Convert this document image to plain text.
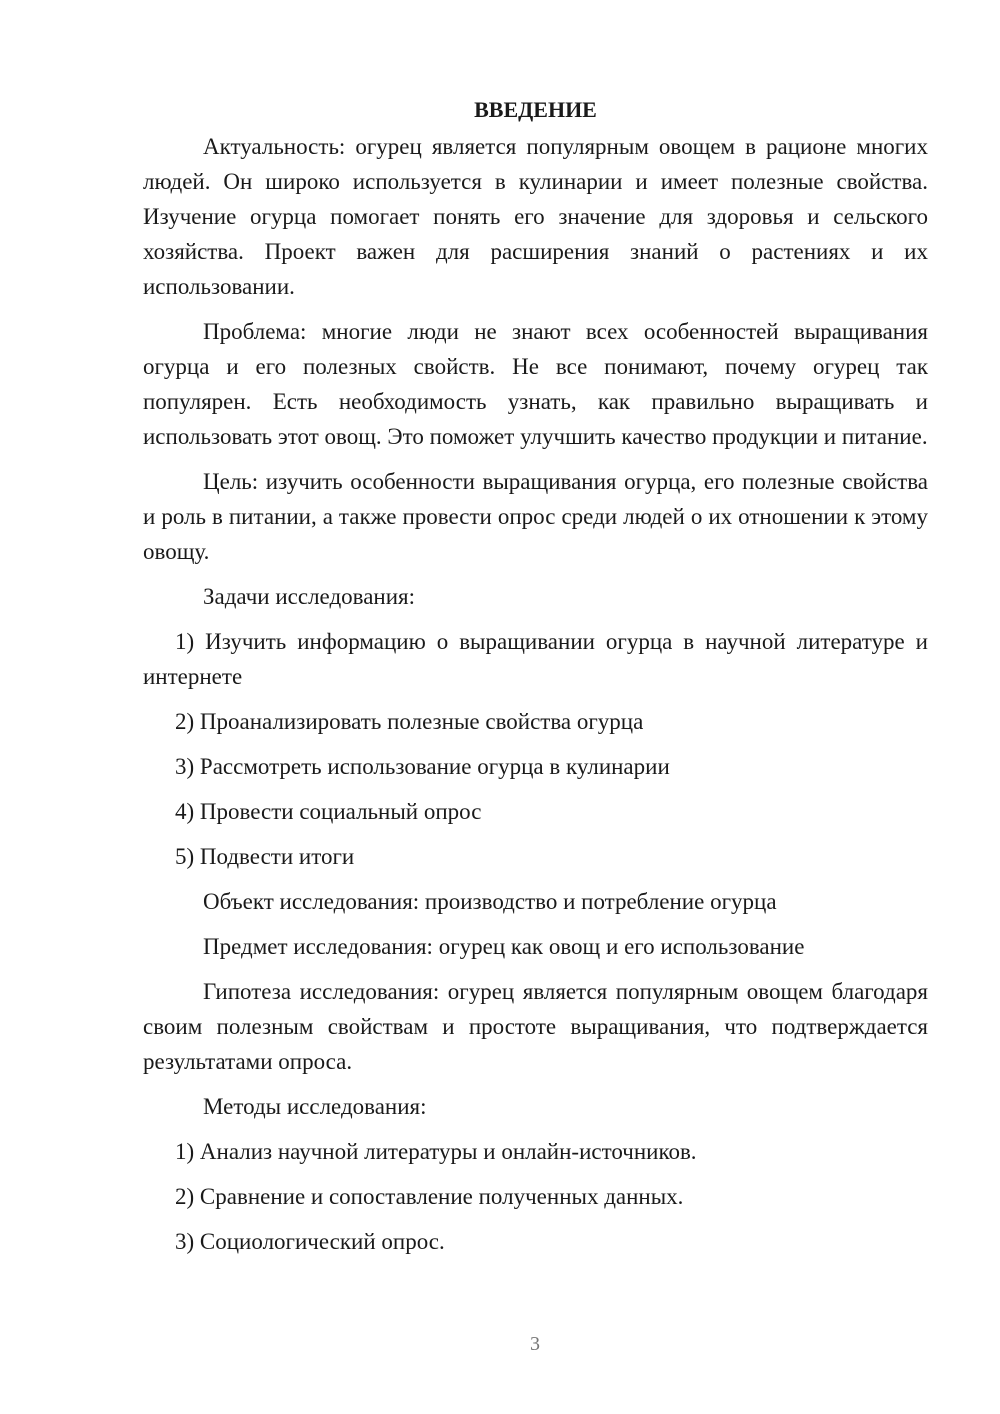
ВВЕДЕНИЕ

Актуальность: огурец является популярным овощем в рационе многих людей. Он широко используется в кулинарии и имеет полезные свойства. Изучение огурца помогает понять его значение для здоровья и сельского хозяйства. Проект важен для расширения знаний о растениях и их использовании.

Проблема: многие люди не знают всех особенностей выращивания огурца и его полезных свойств. Не все понимают, почему огурец так популярен. Есть необходимость узнать, как правильно выращивать и использовать этот овощ. Это поможет улучшить качество продукции и питание.

Цель: изучить особенности выращивания огурца, его полезные свойства и роль в питании, а также провести опрос среди людей о их отношении к этому овощу.

Задачи исследования:

1) Изучить информацию о выращивании огурца в научной литературе и интернете

2) Проанализировать полезные свойства огурца

3) Рассмотреть использование огурца в кулинарии

4) Провести социальный опрос

5) Подвести итоги

Объект исследования: производство и потребление огурца

Предмет исследования: огурец как овощ и его использование

Гипотеза исследования: огурец является популярным овощем благодаря своим полезным свойствам и простоте выращивания, что подтверждается результатами опроса.

Методы исследования:

1) Анализ научной литературы и онлайн-источников.

2) Сравнение и сопоставление полученных данных.

3) Социологический опрос.

3
